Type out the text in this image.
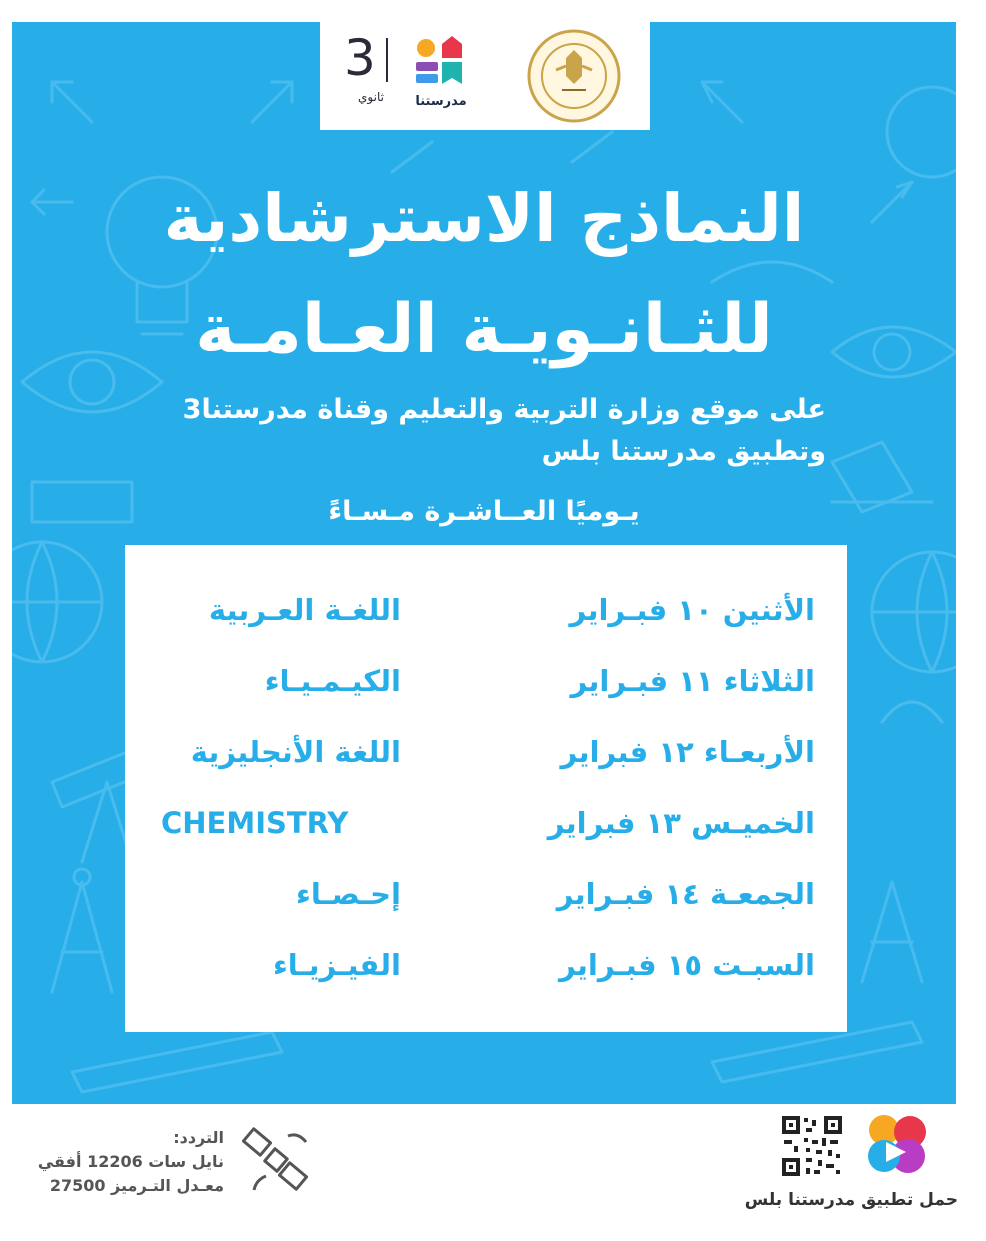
3
ثانوي	مدرستنا
النماذج الاسترشادية
للثـانـويـة العـامـة
على موقع وزارة التربية والتعليم وقناة مدرستنا3
وتطبيق مدرستنا بلس
يـوميًا العــاشـرة مـسـاءً
الأثنين ١٠ فبـراير
اللغـة العـربية
الثلاثاء ١١ فبـراير
الكيـمـيـاء
الأربعـاء ١٢ فبراير
اللغة الأنجليزية
الخميـس ١٣ فبراير
CHEMISTRY
الجمعـة ١٤ فبـراير
إحـصـاء
السبـت ١٥ فبـراير
الفيـزيـاء
التردد:
نايل سات 12206 أفقي
معـدل التـرميز 27500
حمل تطبيق مدرستنا بلس
